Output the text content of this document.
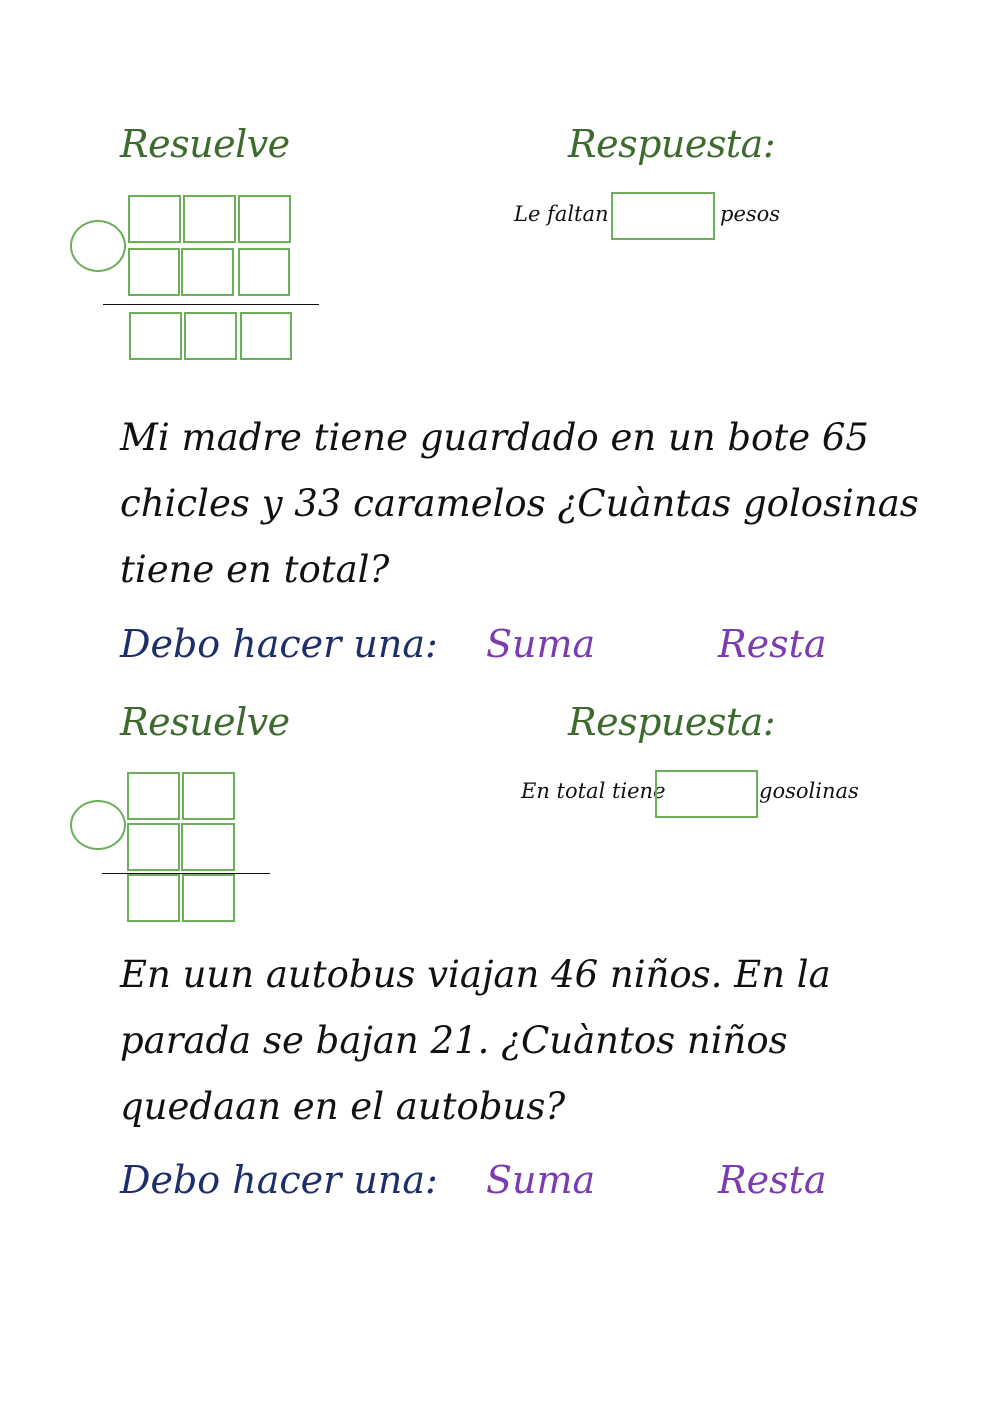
Resuelve	Respuesta:
Le faltan	pesos
Mi madre tiene guardado en un bote 65
chicles y 33 caramelos ¿Cuàntas golosinas
tiene en total?
Debo hacer una: Suma	Resta
Resuelve	Respuesta:
En total tiene	gosolinas
En uun autobus viajan 46 niños. En la
parada se bajan 21. ¿Cuàntos niños
quedaan en el autobus?
Debo hacer una: Suma	Resta
